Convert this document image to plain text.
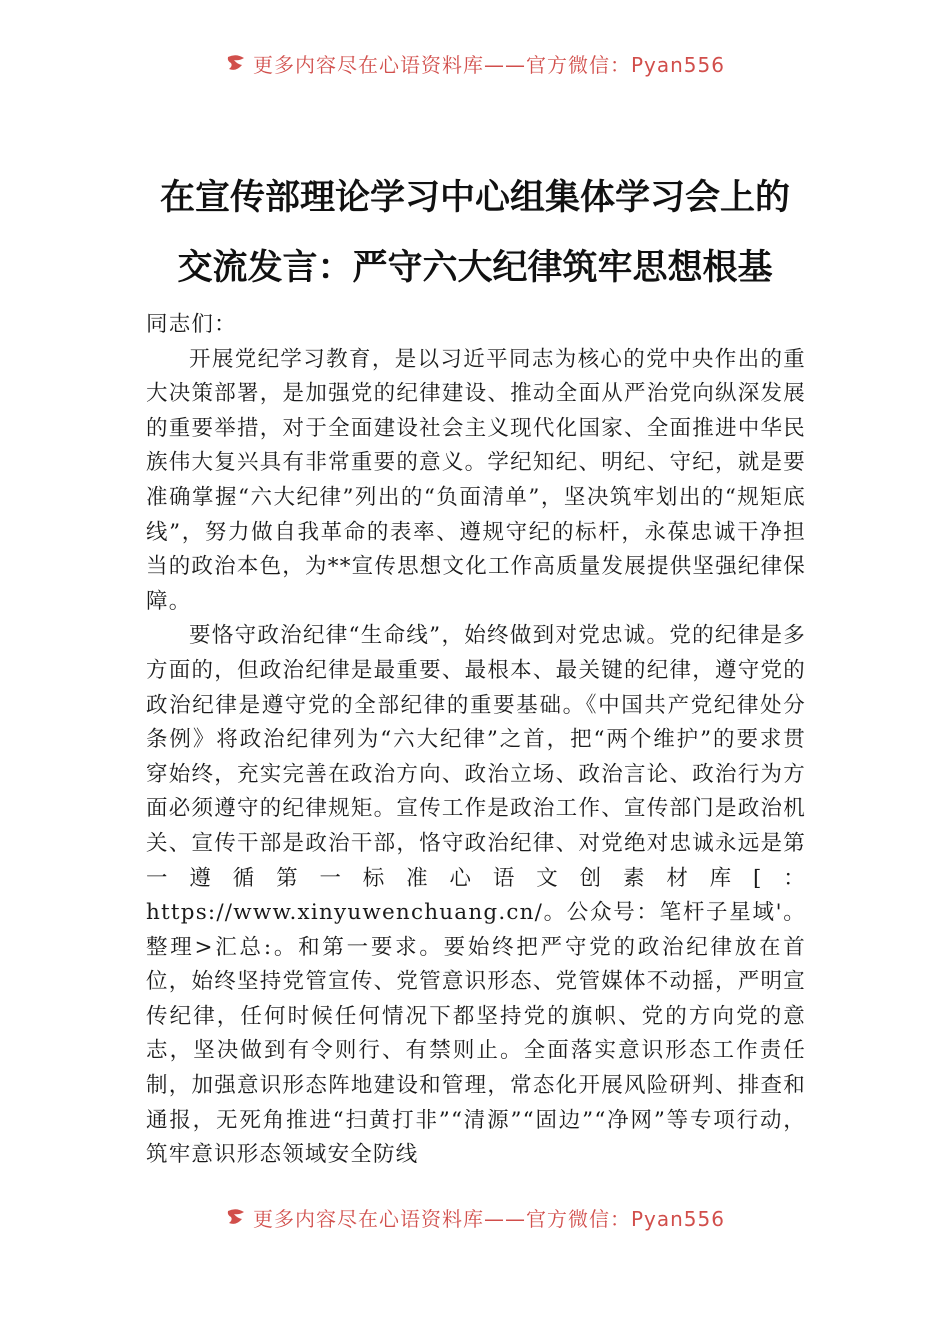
更多内容尽在心语资料库——官方微信：Pyan556
在宣传部理论学习中心组集体学习会上的
交流发言：严守六大纪律筑牢思想根基

同志们：

开展党纪学习教育，是以习近平同志为核心的党中央作出的重大决策部署，是加强党的纪律建设、推动全面从严治党向纵深发展的重要举措，对于全面建设社会主义现代化国家、全面推进中华民族伟大复兴具有非常重要的意义。学纪知纪、明纪、守纪，就是要准确掌握“六大纪律”列出的“负面清单”，坚决筑牢划出的“规矩底线”，努力做自我革命的表率、遵规守纪的标杆，永葆忠诚干净担当的政治本色，为**宣传思想文化工作高质量发展提供坚强纪律保障。

要恪守政治纪律“生命线”，始终做到对党忠诚。党的纪律是多方面的，但政治纪律是最重要、最根本、最关键的纪律，遵守党的政治纪律是遵守党的全部纪律的重要基础。《中国共产党纪律处分条例》将政治纪律列为“六大纪律”之首，把“两个维护”的要求贯穿始终，充实完善在政治方向、政治立场、政治言论、政治行为方面必须遵守的纪律规矩。宣传工作是政治工作、宣传部门是政治机关、宣传干部是政治干部，恪守政治纪律、对党绝对忠诚永远是第一遵循第一标准心语文创素材库[：https://www.xinyuwenchuang.cn/。公众号：笔杆子星域'。整理>汇总:。和第一要求。要始终把严守党的政治纪律放在首位，始终坚持党管宣传、党管意识形态、党管媒体不动摇，严明宣传纪律，任何时候任何情况下都坚持党的旗帜、党的方向党的意志，坚决做到有令则行、有禁则止。全面落实意识形态工作责任制，加强意识形态阵地建设和管理，常态化开展风险研判、排查和通报，无死角推进“扫黄打非”“清源”“固边”“净网”等专项行动，筑牢意识形态领域安全防线

更多内容尽在心语资料库——官方微信：Pyan556
